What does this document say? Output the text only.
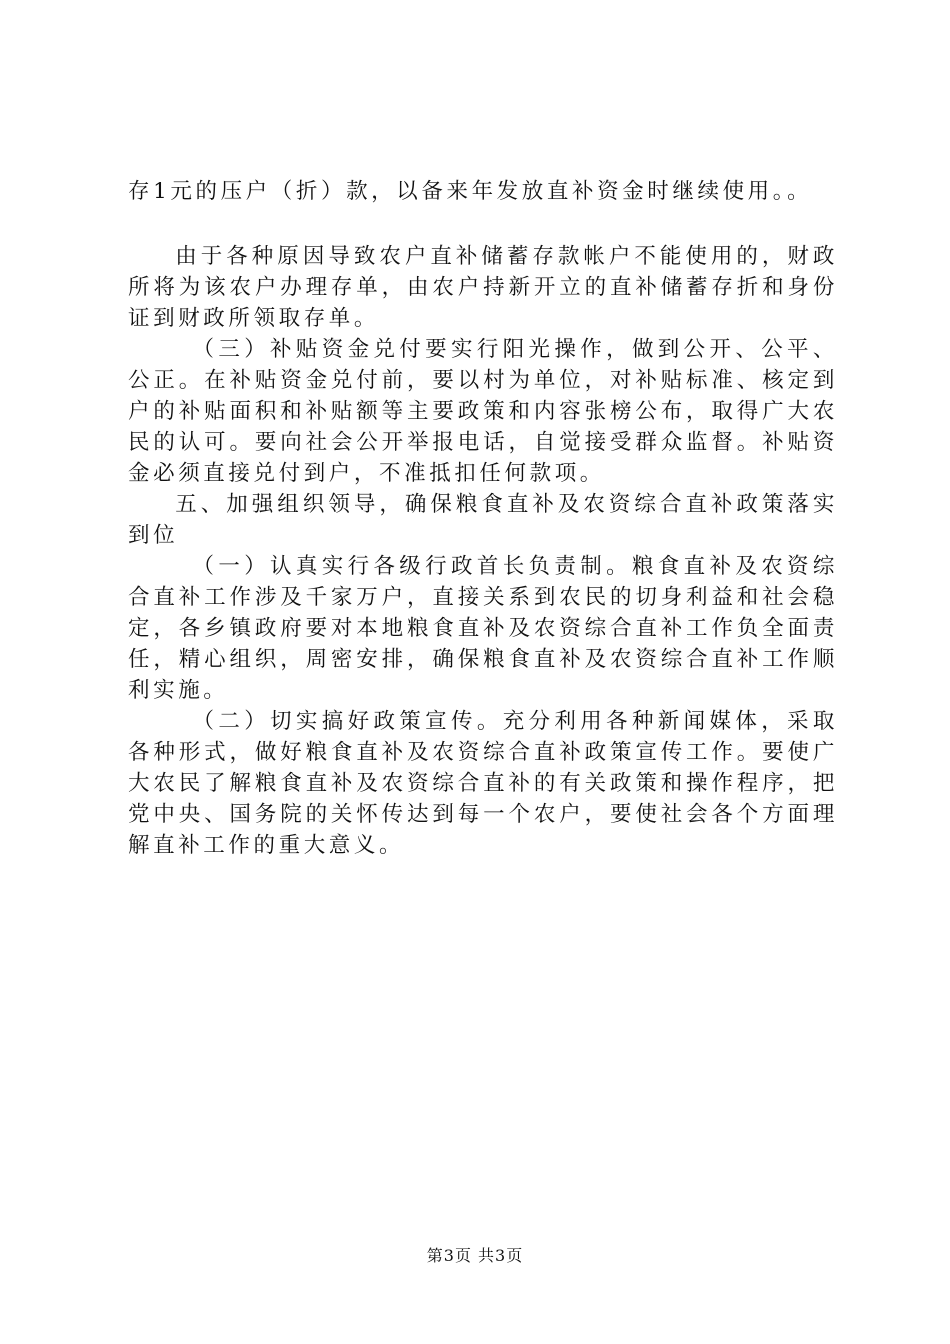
存1元的压户（折）款，以备来年发放直补资金时继续使用。。

由于各种原因导致农户直补储蓄存款帐户不能使用的，财政所将为该农户办理存单，由农户持新开立的直补储蓄存折和身份证到财政所领取存单。

（三）补贴资金兑付要实行阳光操作，做到公开、公平、公正。在补贴资金兑付前，要以村为单位，对补贴标准、核定到户的补贴面积和补贴额等主要政策和内容张榜公布，取得广大农民的认可。要向社会公开举报电话，自觉接受群众监督。补贴资金必须直接兑付到户，不准抵扣任何款项。

五、加强组织领导，确保粮食直补及农资综合直补政策落实到位

（一）认真实行各级行政首长负责制。粮食直补及农资综合直补工作涉及千家万户，直接关系到农民的切身利益和社会稳定，各乡镇政府要对本地粮食直补及农资综合直补工作负全面责任，精心组织，周密安排，确保粮食直补及农资综合直补工作顺利实施。

（二）切实搞好政策宣传。充分利用各种新闻媒体，采取各种形式，做好粮食直补及农资综合直补政策宣传工作。要使广大农民了解粮食直补及农资综合直补的有关政策和操作程序，把党中央、国务院的关怀传达到每一个农户，要使社会各个方面理解直补工作的重大意义。

第3页 共3页
